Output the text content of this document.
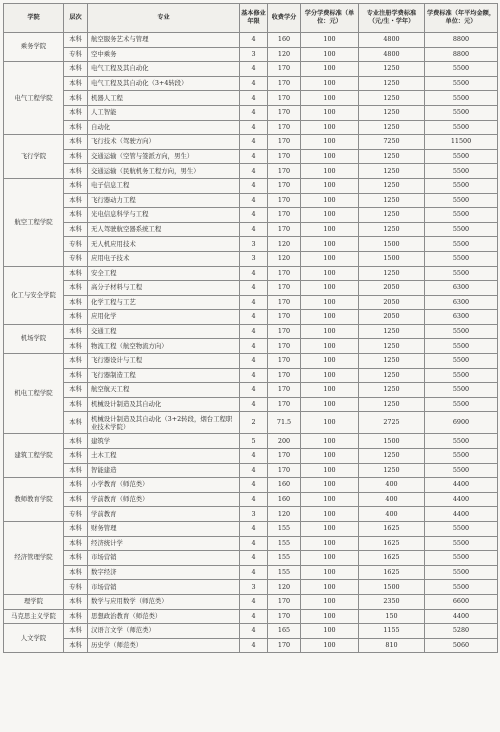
学院	层次	专业	基本修业年限	收费学分	学分学费标准（单位：元）	专业注册学费标准（元/生・学年）	学费标准（年平均金额，单位：元）
乘务学院	本科	航空服务艺术与管理	4	160	100	4800	8800
	专科	空中乘务	3	120	100	4800	8800
电气工程学院	本科	电气工程及其自动化	4	170	100	1250	5500
	本科	电气工程及其自动化（3+4转段）	4	170	100	1250	5500
	本科	机器人工程	4	170	100	1250	5500
	本科	人工智能	4	170	100	1250	5500
	本科	自动化	4	170	100	1250	5500
飞行学院	本科	飞行技术（驾驶方向）	4	170	100	7250	11500
	本科	交通运输（空管与签派方向，男生）	4	170	100	1250	5500
	本科	交通运输（民航机务工程方向，男生）	4	170	100	1250	5500
航空工程学院	本科	电子信息工程	4	170	100	1250	5500
	本科	飞行器动力工程	4	170	100	1250	5500
	本科	光电信息科学与工程	4	170	100	1250	5500
	本科	无人驾驶航空器系统工程	4	170	100	1250	5500
	专科	无人机应用技术	3	120	100	1500	5500
	专科	应用电子技术	3	120	100	1500	5500
化工与安全学院	本科	安全工程	4	170	100	1250	5500
	本科	高分子材料与工程	4	170	100	2050	6300
	本科	化学工程与工艺	4	170	100	2050	6300
	本科	应用化学	4	170	100	2050	6300
机场学院	本科	交通工程	4	170	100	1250	5500
	本科	物流工程（航空物流方向）	4	170	100	1250	5500
机电工程学院	本科	飞行器设计与工程	4	170	100	1250	5500
	本科	飞行器制造工程	4	170	100	1250	5500
	本科	航空航天工程	4	170	100	1250	5500
	本科	机械设计制造及其自动化	4	170	100	1250	5500
	本科	机械设计制造及其自动化（3+2转段，烟台工程职业技术学院）	2	71.5	100	2725	6900
建筑工程学院	本科	建筑学	5	200	100	1500	5500
	本科	土木工程	4	170	100	1250	5500
	本科	智能建造	4	170	100	1250	5500
教师教育学院	本科	小学教育（师范类）	4	160	100	400	4400
	本科	学前教育（师范类）	4	160	100	400	4400
	专科	学前教育	3	120	100	400	4400
经济管理学院	本科	财务管理	4	155	100	1625	5500
	本科	经济统计学	4	155	100	1625	5500
	本科	市场营销	4	155	100	1625	5500
	本科	数字经济	4	155	100	1625	5500
	专科	市场营销	3	120	100	1500	5500
理学院	本科	数学与应用数学（师范类）	4	170	100	2350	6600
马克思主义学院	本科	思想政治教育（师范类）	4	170	100	150	4400
人文学院	本科	汉语言文学（师范类）	4	165	100	1155	5280
	本科	历史学（师范类）	4	170	100	810	5060
